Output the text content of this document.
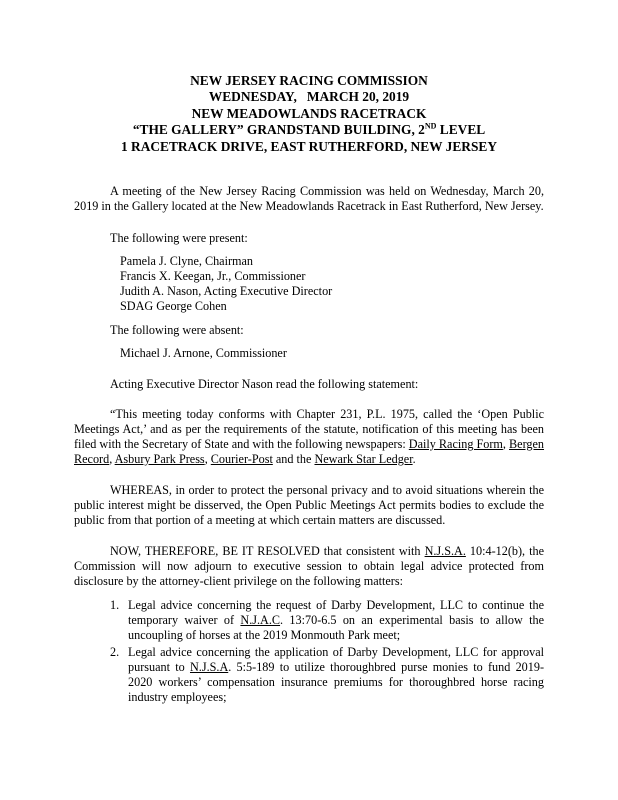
NEW JERSEY RACING COMMISSION
WEDNESDAY,   MARCH 20, 2019
NEW MEADOWLANDS RACETRACK
“THE GALLERY” GRANDSTAND BUILDING, 2ND LEVEL
1 RACETRACK DRIVE, EAST RUTHERFORD, NEW JERSEY
A meeting of the New Jersey Racing Commission was held on Wednesday, March 20, 2019 in the Gallery located at the New Meadowlands Racetrack in East Rutherford, New Jersey.
The following were present:
Pamela J. Clyne, Chairman
Francis X. Keegan, Jr., Commissioner
Judith A. Nason, Acting Executive Director
SDAG George Cohen
The following were absent:
Michael J. Arnone, Commissioner
Acting Executive Director Nason read the following statement:
“This meeting today conforms with Chapter 231, P.L. 1975, called the ‘Open Public Meetings Act,’ and as per the requirements of the statute, notification of this meeting has been filed with the Secretary of State and with the following newspapers: Daily Racing Form, Bergen Record, Asbury Park Press, Courier-Post and the Newark Star Ledger.
WHEREAS, in order to protect the personal privacy and to avoid situations wherein the public interest might be disserved, the Open Public Meetings Act permits bodies to exclude the public from that portion of a meeting at which certain matters are discussed.
NOW, THEREFORE, BE IT RESOLVED that consistent with N.J.S.A. 10:4-12(b), the Commission will now adjourn to executive session to obtain legal advice protected from disclosure by the attorney-client privilege on the following matters:
1. Legal advice concerning the request of Darby Development, LLC to continue the temporary waiver of N.J.A.C. 13:70-6.5 on an experimental basis to allow the uncoupling of horses at the 2019 Monmouth Park meet;
2. Legal advice concerning the application of Darby Development, LLC for approval pursuant to N.J.S.A. 5:5-189 to utilize thoroughbred purse monies to fund 2019-2020 workers’ compensation insurance premiums for thoroughbred horse racing industry employees;
